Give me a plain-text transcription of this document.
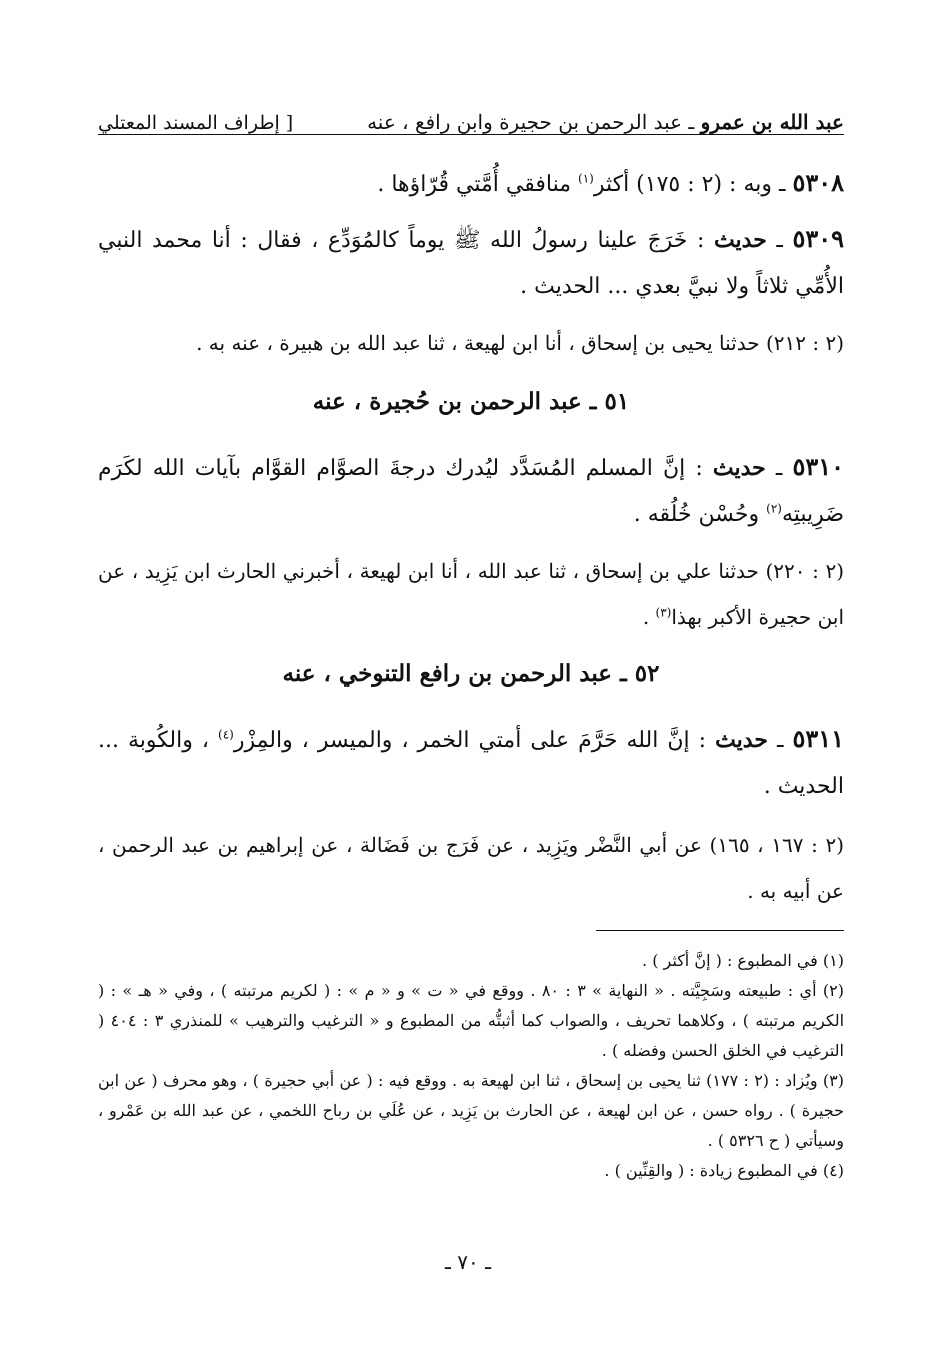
عبد الله بن عمرو ـ عبد الرحمن بن حجيرة وابن رافع ، عنه
[ إطراف المسند المعتلي
٥٣٠٨ ـ وبه : (٢ : ١٧٥) أكثر$^{(١)}$ منافقي أُمَّتي قُرّاؤها .
٥٣٠٩ ـ حديث : خَرَجَ علينا رسولُ الله ﷺ يوماً كالمُوَدِّع ، فقال : أنا محمد النبي الأُمِّي ثلاثاً ولا نبيَّ بعدي ... الحديث .
(٢ : ٢١٢) حدثنا يحيى بن إسحاق ، أنا ابن لهيعة ، ثنا عبد الله بن هبيرة ، عنه به .
٥١ ـ عبد الرحمن بن حُجيرة ، عنه
٥٣١٠ ـ حديث : إنَّ المسلم المُسَدَّد ليُدرك درجةَ الصوَّام القوَّام بآيات الله لكَرَم ضَرِيبتِه$^{(٢)}$ وحُسْن خُلُقه .
(٢ : ٢٢٠) حدثنا علي بن إسحاق ، ثنا عبد الله ، أنا ابن لهيعة ، أخبرني الحارث ابن يَزِيد ، عن ابن حجيرة الأكبر بهذا$^{(٣)}$ .
٥٢ ـ عبد الرحمن بن رافع التنوخي ، عنه
٥٣١١ ـ حديث : إنَّ الله حَرَّمَ على أمتي الخمر ، والميسر ، والمِزْر$^{(٤)}$ ، والكُوبة ... الحديث .
(٢ : ١٦٧ ، ١٦٥) عن أبي النَّضْر ويَزِيد ، عن فَرَج بن فَضَالة ، عن إبراهيم بن عبد الرحمن ، عن أبيه به .

(١) في المطبوع : ( إنَّ أكثر ) .

(٢) أي : طبيعته وسَجِيَّته . « النهاية » ٣ : ٨٠ . ووقع في « ت » و « م » : ( لكريم مرتبته ) ، وفي « هـ » : ( الكريم مرتبته ) ، وكلاهما تحريف ، والصواب كما أثبتُّه من المطبوع و « الترغيب والترهيب » للمنذري ٣ : ٤٠٤ ( الترغيب في الخلق الحسن وفضله ) .

(٣) ويُزاد : (٢ : ١٧٧) ثنا يحيى بن إسحاق ، ثنا ابن لهيعة به . ووقع فيه : ( عن أبي حجيرة ) ، وهو محرف ( عن ابن حجيرة ) . رواه حسن ، عن ابن لهيعة ، عن الحارث بن يَزِيد ، عن عُلَي بن رباح اللخمي ، عن عبد الله بن عَمْرو ، وسيأتي ( ح ٥٣٢٦ ) .

(٤) في المطبوع زيادة : ( والقِنِّين ) .

ـ ٧٠ ـ
